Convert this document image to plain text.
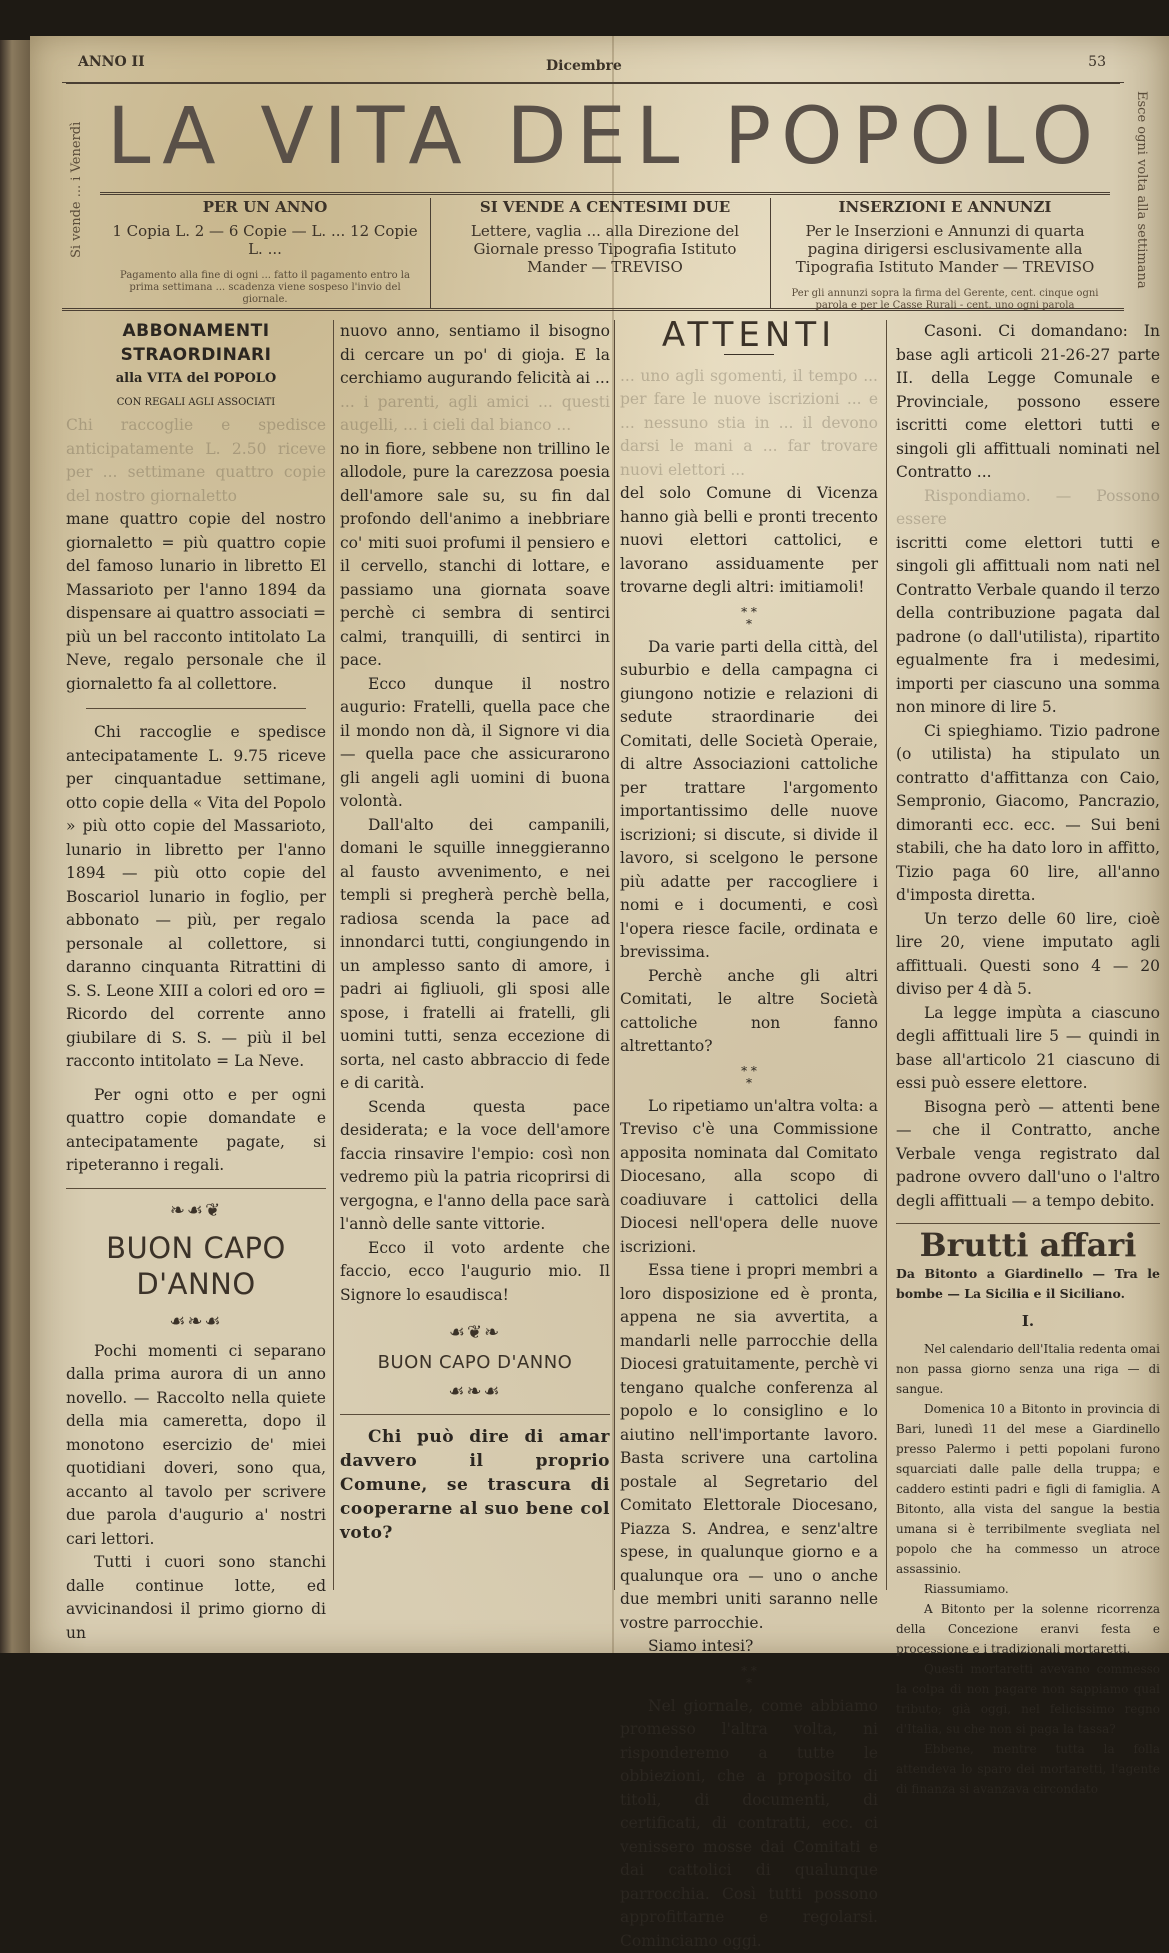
ANNO II	Dicembre	53
Si vende ... i Venerdì	Esce ogni volta alla settimana
LA VITA DEL POPOLO
PER UN ANNO

1 Copia L. 2 — 6 Copie — L. ... 12 Copie L. ...

Pagamento alla fine di ogni ... fatto il pagamento entro la prima settimana ... scadenza viene sospeso l'invio del giornale.

SI VENDE A CENTESIMI DUE

Lettere, vaglia ... alla Direzione del Giornale presso Tipografia Istituto Mander — TREVISO

INSERZIONI E ANNUNZI

Per le Inserzioni e Annunzi di quarta pagina dirigersi esclusivamente alla Tipografia Istituto Mander — TREVISO

Per gli annunzi sopra la firma del Gerente, cent. cinque ogni parola e per le Casse Rurali - cent. uno ogni parola

ABBONAMENTI STRAORDINARI
alla VITA del POPOLO
CON REGALI AGLI ASSOCIATI

Chi raccoglie e spedisce anticipatamente L. 2.50 riceve per ... settimane quattro copie del nostro giornaletto

mane quattro copie del nostro giornaletto = più quattro copie del famoso lunario in libretto El Massarioto per l'anno 1894 da dispensare ai quattro associati = più un bel racconto intitolato La Neve, regalo personale che il giornaletto fa al collettore.

Chi raccoglie e spedisce antecipatamente L. 9.75 riceve per cinquantadue settimane, otto copie della « Vita del Popolo » più otto copie del Massarioto, lunario in libretto per l'anno 1894 — più otto copie del Boscariol lunario in foglio, per abbonato — più, per regalo personale al collettore, si daranno cinquanta Ritrattini di S. S. Leone XIII a colori ed oro = Ricordo del corrente anno giubilare di S. S. — più il bel racconto intitolato = La Neve.

Per ogni otto e per ogni quattro copie domandate e antecipatamente pagate, si ripeteranno i regali.

❧☙❦
BUON CAPO D'ANNO
☙❧☙

Pochi momenti ci separano dalla prima aurora di un anno novello. — Raccolto nella quiete della mia cameretta, dopo il monotono esercizio de' miei quotidiani doveri, sono qua, accanto al tavolo per scrivere due parola d'augurio a' nostri cari lettori.

Tutti i cuori sono stanchi dalle continue lotte, ed avvicinandosi il primo giorno di un

nuovo anno, sentiamo il bisogno di cercare un po' di gioja. E la cerchiamo augurando felicità ai ...

... i parenti, agli amici ... questi augelli, ... i cieli dal bianco ...

no in fiore, sebbene non trillino le allodole, pure la carezzosa poesia dell'amore sale su, su fin dal profondo dell'animo a inebbriare co' miti suoi profumi il pensiero e il cervello, stanchi di lottare, e passiamo una giornata soave perchè ci sembra di sentirci calmi, tranquilli, di sentirci in pace.

Ecco dunque il nostro augurio: Fratelli, quella pace che il mondo non dà, il Signore vi dia — quella pace che assicurarono gli angeli agli uomini di buona volontà.

Dall'alto dei campanili, domani le squille inneggieranno al fausto avvenimento, e nei templi si pregherà perchè bella, radiosa scenda la pace ad innondarci tutti, congiungendo in un amplesso santo di amore, i padri ai figliuoli, gli sposi alle spose, i fratelli ai fratelli, gli uomini tutti, senza eccezione di sorta, nel casto abbraccio di fede e di carità.

Scenda questa pace desiderata; e la voce dell'amore faccia rinsavire l'empio: così non vedremo più la patria ricoprirsi di vergogna, e l'anno della pace sarà l'annò delle sante vittorie.

Ecco il voto ardente che faccio, ecco l'augurio mio. Il Signore lo esaudisca!

☙❦❧
BUON CAPO D'ANNO
☙❧☙

Chi può dire di amar davvero il proprio Comune, se trascura di cooperarne al suo bene col voto?

ATTENTI

... uno agli sgomenti, il tempo ... per fare le nuove iscrizioni ... e ... nessuno stia in ... il devono darsi le mani a ... far trovare nuovi elettori ...

del solo Comune di Vicenza hanno già belli e pronti trecento nuovi elettori cattolici, e lavorano assiduamente per trovarne degli altri: imitiamoli!

* *
*

Da varie parti della città, del suburbio e della campagna ci giungono notizie e relazioni di sedute straordinarie dei Comitati, delle Società Operaie, di altre Associazioni cattoliche per trattare l'argomento importantissimo delle nuove iscrizioni; si discute, si divide il lavoro, si scelgono le persone più adatte per raccogliere i nomi e i documenti, e così l'opera riesce facile, ordinata e brevissima.

Perchè anche gli altri Comitati, le altre Società cattoliche non fanno altrettanto?

* *
*

Lo ripetiamo un'altra volta: a Treviso c'è una Commissione apposita nominata dal Comitato Diocesano, alla scopo di coadiuvare i cattolici della Diocesi nell'opera delle nuove iscrizioni.

Essa tiene i propri membri a loro disposizione ed è pronta, appena ne sia avvertita, a mandarli nelle parrocchie della Diocesi gratuitamente, perchè vi tengano qualche conferenza al popolo e lo consiglino e lo aiutino nell'importante lavoro. Basta scrivere una cartolina postale al Segretario del Comitato Elettorale Diocesano, Piazza S. Andrea, e senz'altre spese, in qualunque giorno e a qualunque ora — uno o anche due membri uniti saranno nelle vostre parrocchie.

Siamo intesi?

* *
*

Nel giornale, come abbiamo promesso l'altra volta, ni risponderemo a tutte le obbiezioni, che a proposito di titoli, di documenti, di certificati, di contratti, ecc. ci venissero mosse dai Comitati e dai cattolici di qualunque parrocchia. Così tutti possono approfittarne e regolarsi. Cominciamo oggi.

Casoni. Ci domandano: In base agli articoli 21-26-27 parte II. della Legge Comunale e Provinciale, possono essere iscritti come elettori tutti e singoli gli affittuali nominati nel Contratto ...

Rispondiamo. — Possono essere

iscritti come elettori tutti e singoli gli affittuali nom nati nel Contratto Verbale quando il terzo della contribuzione pagata dal padrone (o dall'utilista), ripartito egualmente fra i medesimi, importi per ciascuno una somma non minore di lire 5.

Ci spieghiamo. Tizio padrone (o utilista) ha stipulato un contratto d'affittanza con Caio, Sempronio, Giacomo, Pancrazio, dimoranti ecc. ecc. — Sui beni stabili, che ha dato loro in affitto, Tizio paga 60 lire, all'anno d'imposta diretta.

Un terzo delle 60 lire, cioè lire 20, viene imputato agli affittuali. Questi sono 4 — 20 diviso per 4 dà 5.

La legge impùta a ciascuno degli affittuali lire 5 — quindi in base all'articolo 21 ciascuno di essi può essere elettore.

Bisogna però — attenti bene — che il Contratto, anche Verbale venga registrato dal padrone ovvero dall'uno o l'altro degli affittuali — a tempo debito.

Brutti affari
Da Bitonto a Giardinello — Tra le bombe — La Sicilia e il Siciliano.
I.

Nel calendario dell'Italia redenta omai non passa giorno senza una riga — di sangue.

Domenica 10 a Bitonto in provincia di Bari, lunedì 11 del mese a Giardinello presso Palermo i petti popolani furono squarciati dalle palle della truppa; e caddero estinti padri e figli di famiglia. A Bitonto, alla vista del sangue la bestia umana si è terribilmente svegliata nel popolo che ha commesso un atroce assassinio.

Riassumiamo.

A Bitonto per la solenne ricorrenza della Concezione eranvi festa e processione e i tradizionali mortaretti.

Questi mortaretti avevano commesso la colpa di non pagare non sappiamo qual tributo; già oggi, nel felicissimo regno d'Italia, su che non si paga la tassa?

Ebbene, mentre tutta la folla attendeva lo sparo dei mortaretti, l'agente di finanza si avanzava circondato
